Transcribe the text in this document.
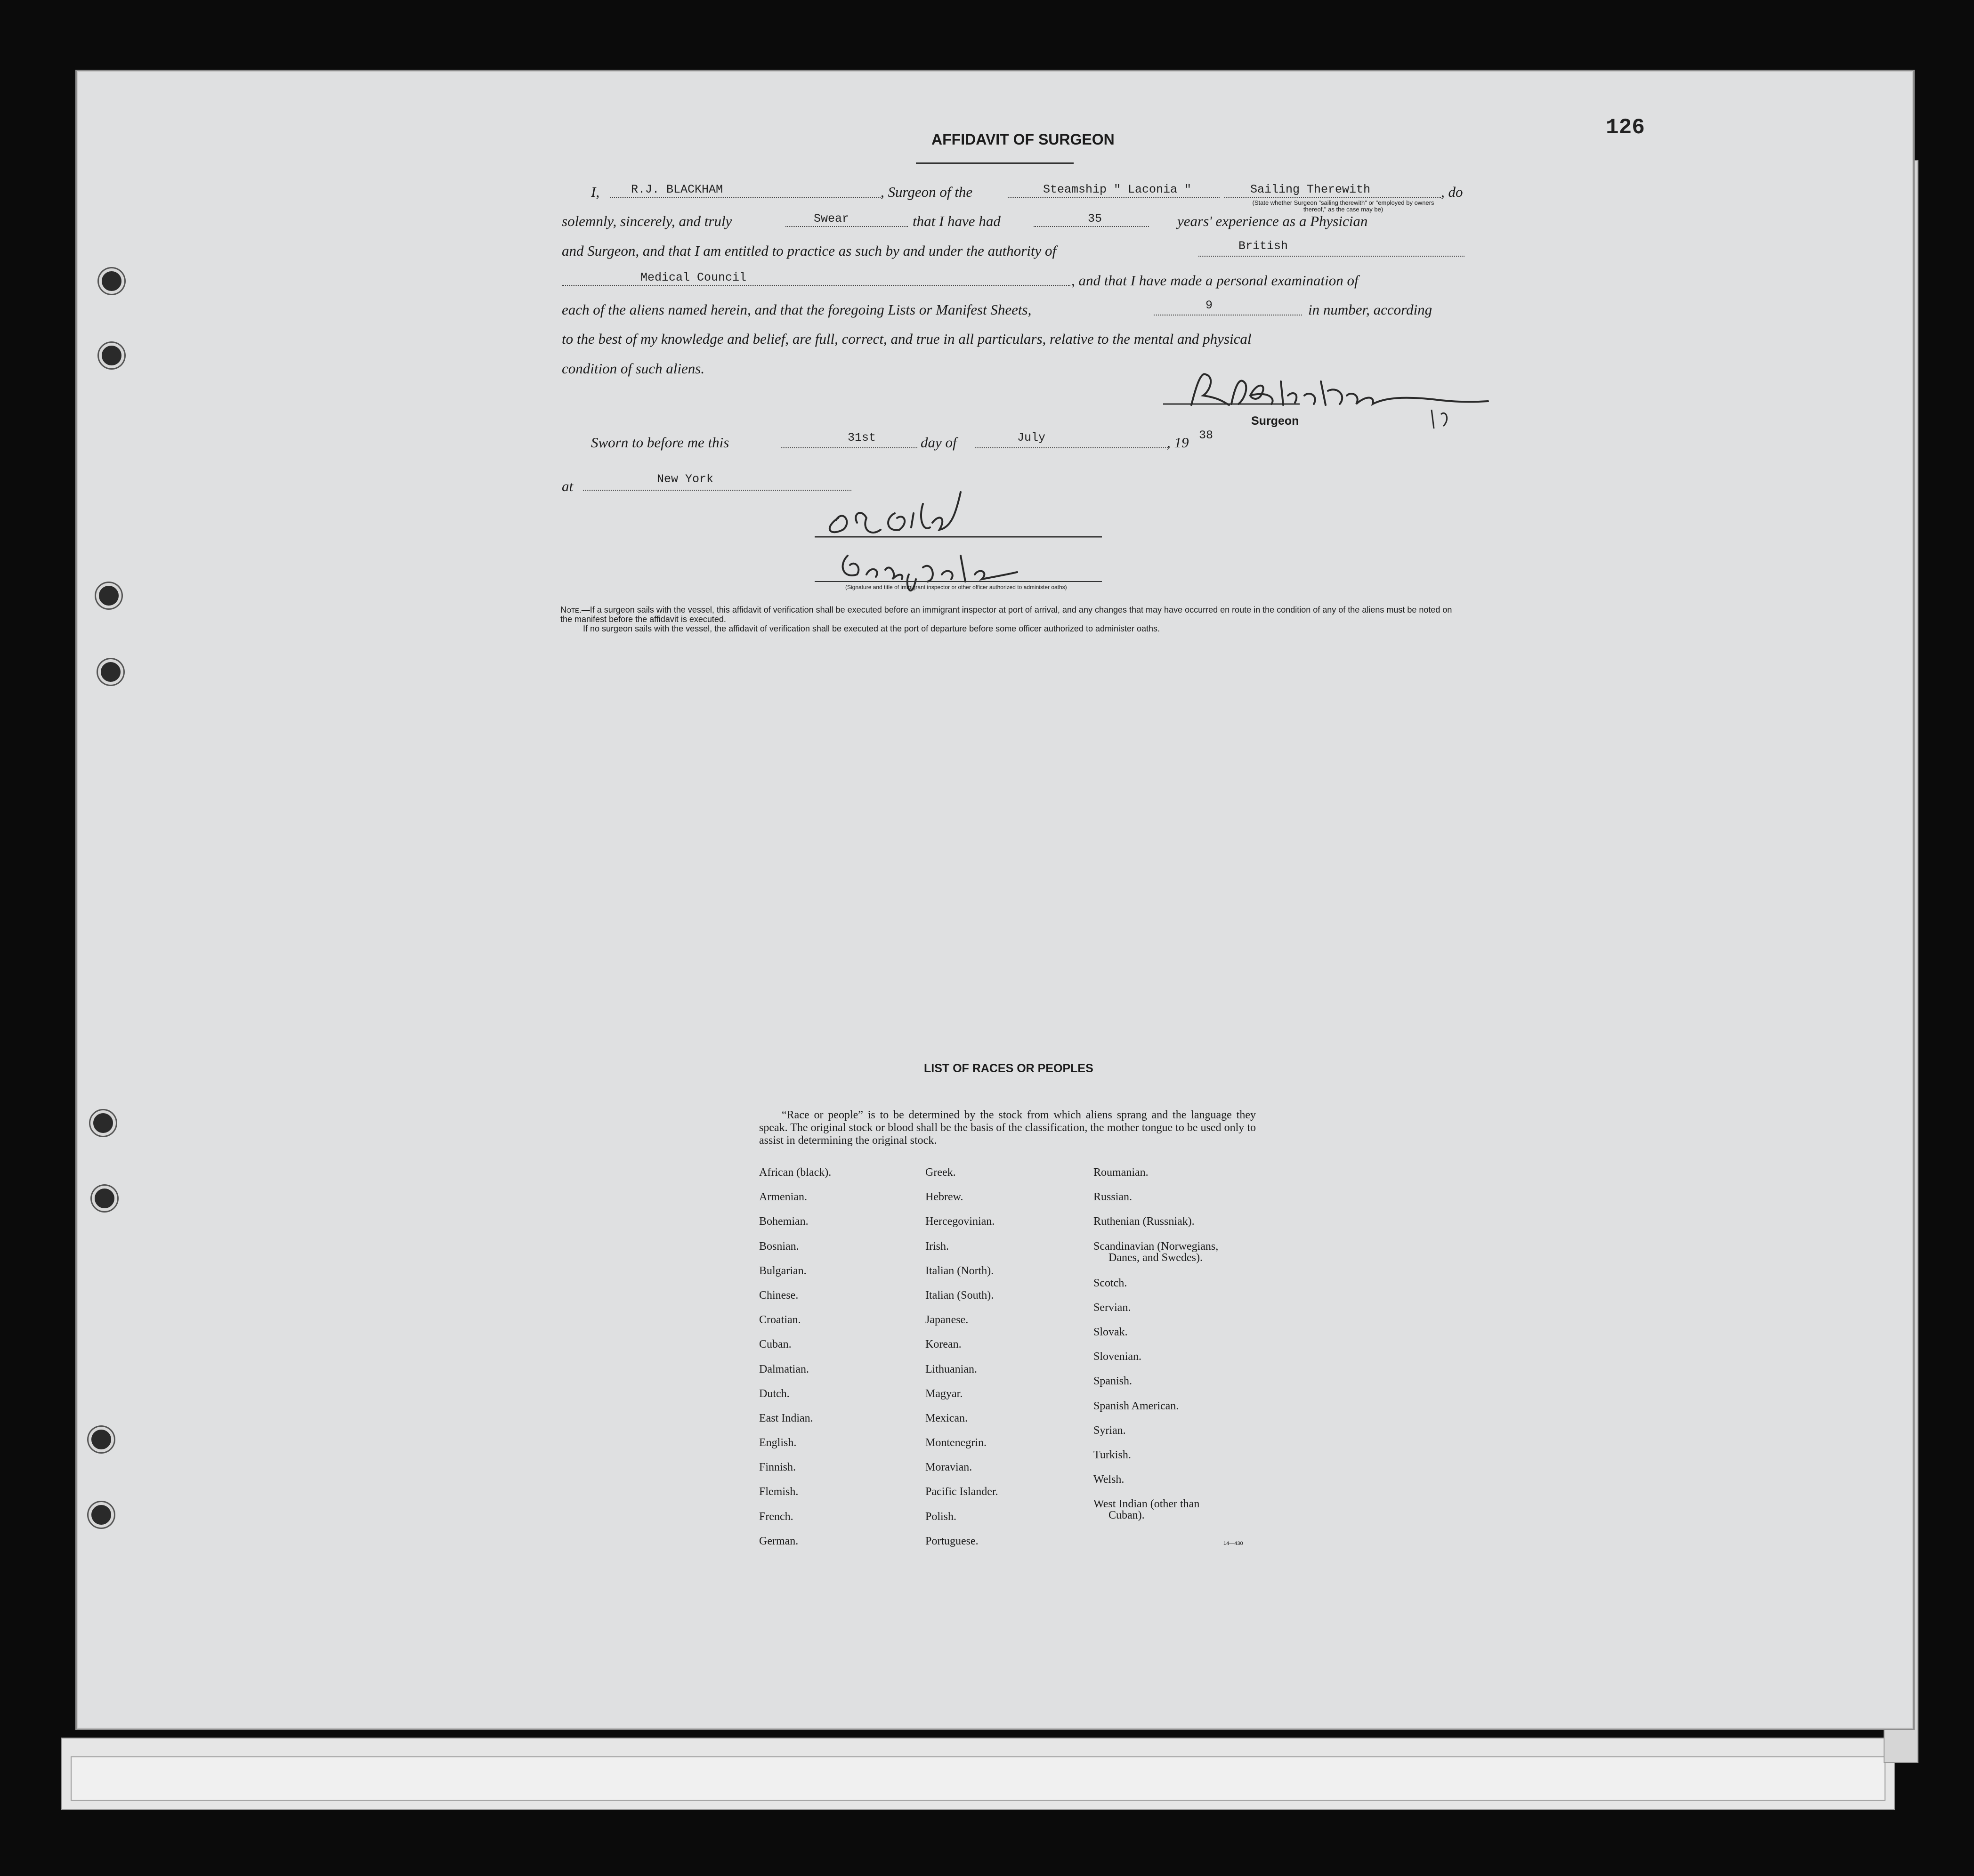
126
AFFIDAVIT OF SURGEON
I,	R.J. BLACKHAM	, Surgeon of the	Steamship " Laconia "	Sailing Therewith	, do
(State whether Surgeon "sailing therewith" or "employed by owners thereof," as the case may be)
solemnly, sincerely, and truly	Swear	that I have had	35	years' experience as a Physician
and Surgeon, and that I am entitled to practice as such by and under the authority of	British
Medical Council	, and that I have made a personal examination of
each of the aliens named herein, and that the foregoing Lists or Manifest Sheets,	9	in number, according
to the best of my knowledge and belief, are full, correct, and true in all particulars, relative to the mental and physical
condition of such aliens.
Surgeon
Sworn to before me this	31st	day of	July	, 19 38
at	New York
(Signature and title of immigrant inspector or other officer authorized to administer oaths)

Note.—If a surgeon sails with the vessel, this affidavit of verification shall be executed before an immigrant inspector at port of arrival, and any changes that may have occurred en route in the condition of any of the aliens must be noted on the manifest before the affidavit is executed.

If no surgeon sails with the vessel, the affidavit of verification shall be executed at the port of departure before some officer authorized to administer oaths.

LIST OF RACES OR PEOPLES
“Race or people” is to be determined by the stock from which aliens sprang and the language they speak. The original stock or blood shall be the basis of the classification, the mother tongue to be used only to assist in determining the original stock.
African (black).
Armenian.
Bohemian.
Bosnian.
Bulgarian.
Chinese.
Croatian.
Cuban.
Dalmatian.
Dutch.
East Indian.
English.
Finnish.
Flemish.
French.
German.
Greek.
Hebrew.
Hercegovinian.
Irish.
Italian (North).
Italian (South).
Japanese.
Korean.
Lithuanian.
Magyar.
Mexican.
Montenegrin.
Moravian.
Pacific Islander.
Polish.
Portuguese.
Roumanian.
Russian.
Ruthenian (Russniak).
Scandinavian (Norwegians,
Danes, and Swedes).
Scotch.
Servian.
Slovak.
Slovenian.
Spanish.
Spanish American.
Syrian.
Turkish.
Welsh.
West Indian (other than
Cuban).
14—430
